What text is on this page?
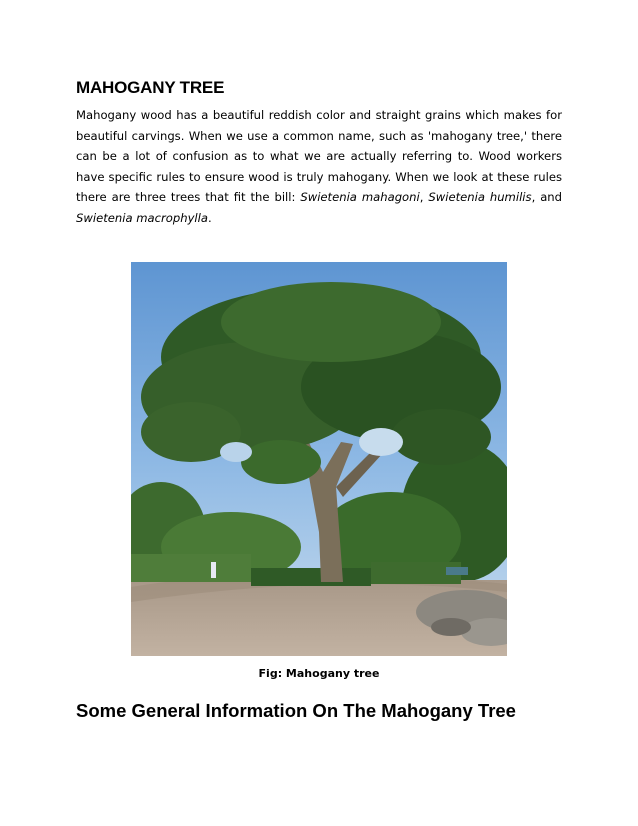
MAHOGANY TREE
Mahogany wood has a beautiful reddish color and straight grains which makes for beautiful carvings. When we use a common name, such as 'mahogany tree,' there can be a lot of confusion as to what we are actually referring to. Wood workers have specific rules to ensure wood is truly mahogany. When we look at these rules there are three trees that fit the bill: Swietenia mahagoni, Swietenia humilis, and Swietenia macrophylla.
Fig: Mahogany tree
Some General Information On The Mahogany Tree
